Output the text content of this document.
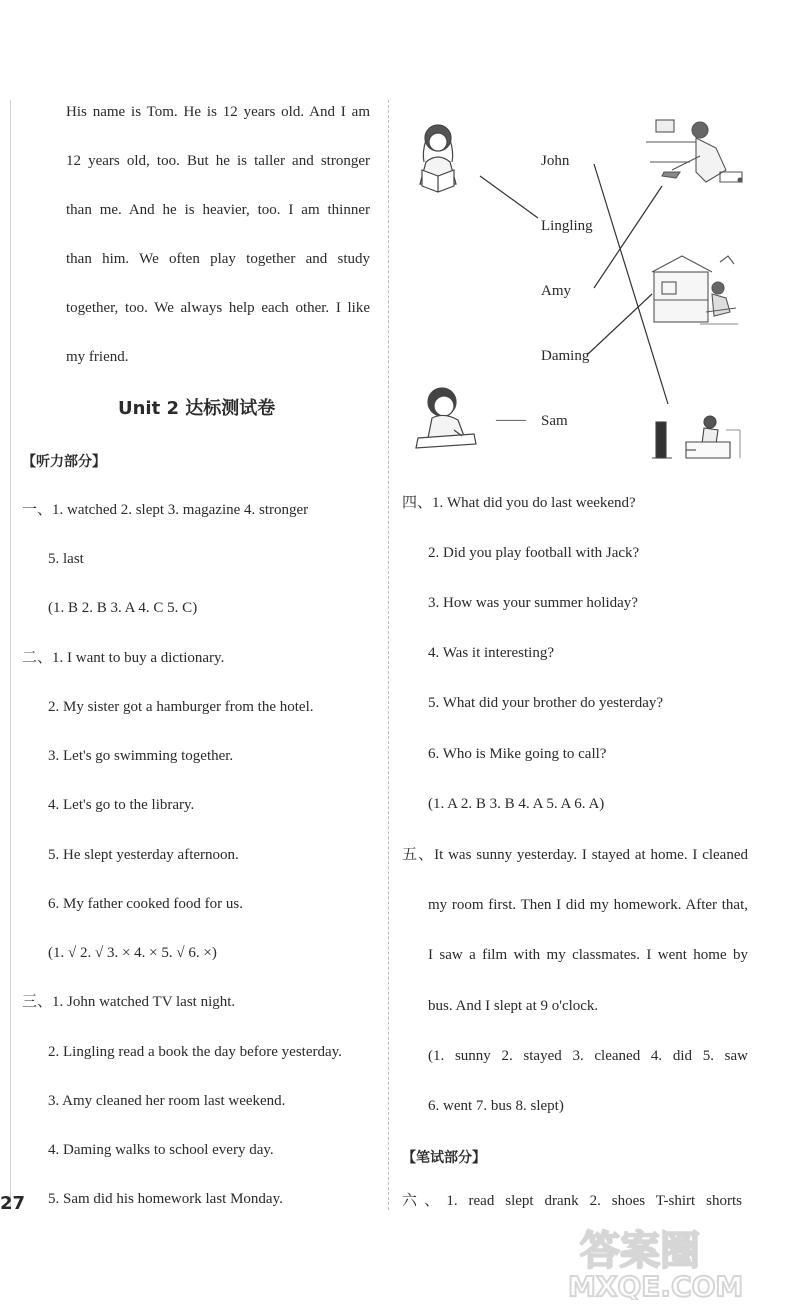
His name is Tom. He is 12 years old. And I am
12 years old, too. But he is taller and stronger
than me. And he is heavier, too. I am thinner
than him. We often play together and study
together, too. We always help each other. I like
my friend.
Unit 2 达标测试卷
【听力部分】
一、1. watched 2. slept 3. magazine 4. stronger
5. last
(1. B 2. B 3. A 4. C 5. C)
二、1. I want to buy a dictionary.
2. My sister got a hamburger from the hotel.
3. Let's go swimming together.
4. Let's go to the library.
5. He slept yesterday afternoon.
6. My father cooked food for us.
(1. √ 2. √ 3. × 4. × 5. √ 6. ×)
三、1. John watched TV last night.
2. Lingling read a book the day before yesterday.
3. Amy cleaned her room last weekend.
4. Daming walks to school every day.
5. Sam did his homework last Monday.
27
John
Lingling
Amy
Daming
—— Sam
四、1. What did you do last weekend?
2. Did you play football with Jack?
3. How was your summer holiday?
4. Was it interesting?
5. What did your brother do yesterday?
6. Who is Mike going to call?
(1. A 2. B 3. B 4. A 5. A 6. A)
五、It was sunny yesterday. I stayed at home. I cleaned
my room first. Then I did my homework. After that,
I saw a film with my classmates. I went home by
bus. And I slept at 9 o'clock.
(1. sunny 2. stayed 3. cleaned 4. did 5. saw
6. went 7. bus 8. slept)
【笔试部分】
六、1. read slept drank 2. shoes T-shirt shorts
答案圈
MXQE.COM
